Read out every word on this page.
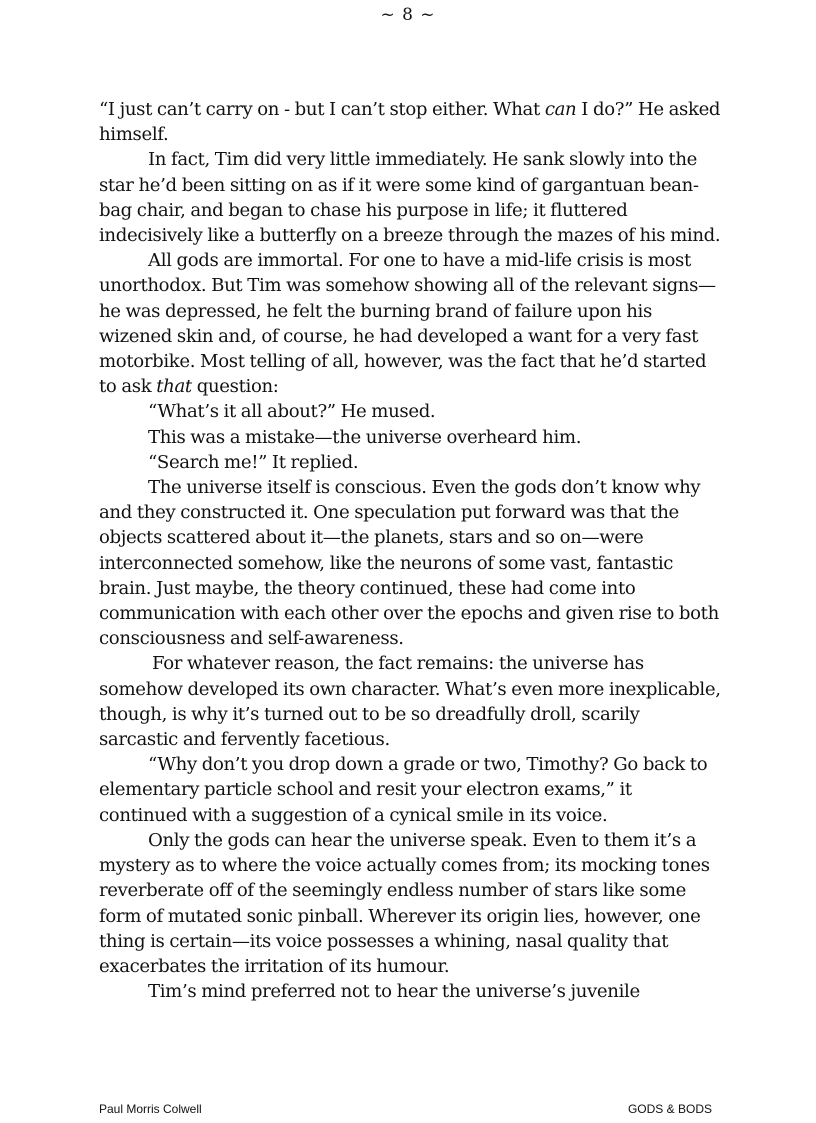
~ 8 ~

“I just can’t carry on - but I can’t stop either. What can I do?” He asked himself.

In fact, Tim did very little immediately. He sank slowly into the star he’d been sitting on as if it were some kind of gargantuan bean-bag chair, and began to chase his purpose in life; it fluttered indecisively like a butterfly on a breeze through the mazes of his mind.

All gods are immortal. For one to have a mid-life crisis is most unorthodox. But Tim was somehow showing all of the relevant signs—he was depressed, he felt the burning brand of failure upon his wizened skin and, of course, he had developed a want for a very fast motorbike. Most telling of all, however, was the fact that he’d started to ask that question:

“What’s it all about?” He mused.

This was a mistake—the universe overheard him.

“Search me!” It replied.

The universe itself is conscious. Even the gods don’t know why and they constructed it. One speculation put forward was that the objects scattered about it—the planets, stars and so on—were interconnected somehow, like the neurons of some vast, fantastic brain. Just maybe, the theory continued, these had come into communication with each other over the epochs and given rise to both consciousness and self-awareness.

For whatever reason, the fact remains: the universe has somehow developed its own character. What’s even more inexplicable, though, is why it’s turned out to be so dreadfully droll, scarily sarcastic and fervently facetious.

“Why don’t you drop down a grade or two, Timothy? Go back to elementary particle school and resit your electron exams,” it continued with a suggestion of a cynical smile in its voice.

Only the gods can hear the universe speak. Even to them it’s a mystery as to where the voice actually comes from; its mocking tones reverberate off of the seemingly endless number of stars like some form of mutated sonic pinball. Wherever its origin lies, however, one thing is certain—its voice possesses a whining, nasal quality that exacerbates the irritation of its humour.

Tim’s mind preferred not to hear the universe’s juvenile

Paul Morris Colwell	GODS & BODS
